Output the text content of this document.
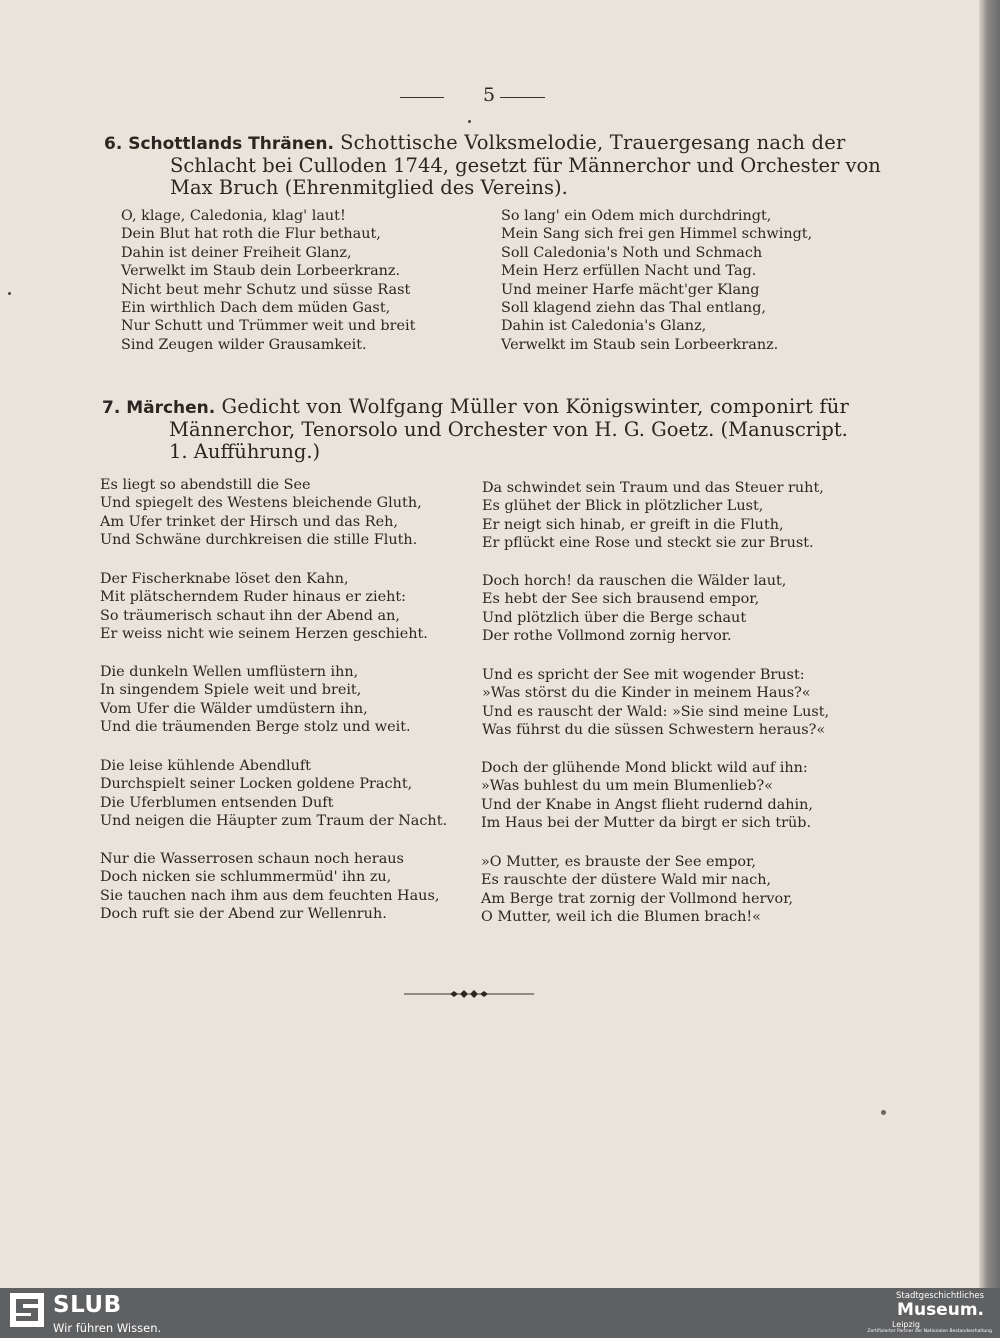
5
6. Schottlands Thränen. Schottische Volksmelodie, Trauergesang nach der
Schlacht bei Culloden 1744, gesetzt für Männerchor und Orchester von
Max Bruch (Ehrenmitglied des Vereins).
O, klage, Caledonia, klag' laut!
Dein Blut hat roth die Flur bethaut,
Dahin ist deiner Freiheit Glanz,
Verwelkt im Staub dein Lorbeerkranz.
Nicht beut mehr Schutz und süsse Rast
Ein wirthlich Dach dem müden Gast,
Nur Schutt und Trümmer weit und breit
Sind Zeugen wilder Grausamkeit.
So lang' ein Odem mich durchdringt,
Mein Sang sich frei gen Himmel schwingt,
Soll Caledonia's Noth und Schmach
Mein Herz erfüllen Nacht und Tag.
Und meiner Harfe mächt'ger Klang
Soll klagend ziehn das Thal entlang,
Dahin ist Caledonia's Glanz,
Verwelkt im Staub sein Lorbeerkranz.
7. Märchen. Gedicht von Wolfgang Müller von Königswinter, componirt für
Männerchor, Tenorsolo und Orchester von H. G. Goetz. (Manuscript.
1. Aufführung.)
Es liegt so abendstill die See
Und spiegelt des Westens bleichende Gluth,
Am Ufer trinket der Hirsch und das Reh,
Und Schwäne durchkreisen die stille Fluth.
Der Fischerknabe löset den Kahn,
Mit plätscherndem Ruder hinaus er zieht:
So träumerisch schaut ihn der Abend an,
Er weiss nicht wie seinem Herzen geschieht.
Die dunkeln Wellen umflüstern ihn,
In singendem Spiele weit und breit,
Vom Ufer die Wälder umdüstern ihn,
Und die träumenden Berge stolz und weit.
Die leise kühlende Abendluft
Durchspielt seiner Locken goldene Pracht,
Die Uferblumen entsenden Duft
Und neigen die Häupter zum Traum der Nacht.
Nur die Wasserrosen schaun noch heraus
Doch nicken sie schlummermüd' ihn zu,
Sie tauchen nach ihm aus dem feuchten Haus,
Doch ruft sie der Abend zur Wellenruh.
Da schwindet sein Traum und das Steuer ruht,
Es glühet der Blick in plötzlicher Lust,
Er neigt sich hinab, er greift in die Fluth,
Er pflückt eine Rose und steckt sie zur Brust.
Doch horch! da rauschen die Wälder laut,
Es hebt der See sich brausend empor,
Und plötzlich über die Berge schaut
Der rothe Vollmond zornig hervor.
Und es spricht der See mit wogender Brust:
»Was störst du die Kinder in meinem Haus?«
Und es rauscht der Wald: »Sie sind meine Lust,
Was führst du die süssen Schwestern heraus?«
Doch der glühende Mond blickt wild auf ihn:
»Was buhlest du um mein Blumenlieb?«
Und der Knabe in Angst flieht rudernd dahin,
Im Haus bei der Mutter da birgt er sich trüb.
»O Mutter, es brauste der See empor,
Es rauschte der düstere Wald mir nach,
Am Berge trat zornig der Vollmond hervor,
O Mutter, weil ich die Blumen brach!«
SLUB
Wir führen Wissen.
Stadtgeschichtliches
Museum.
Leipzig
Zertifizierter Partner der Nationalen Bestandserhaltung
